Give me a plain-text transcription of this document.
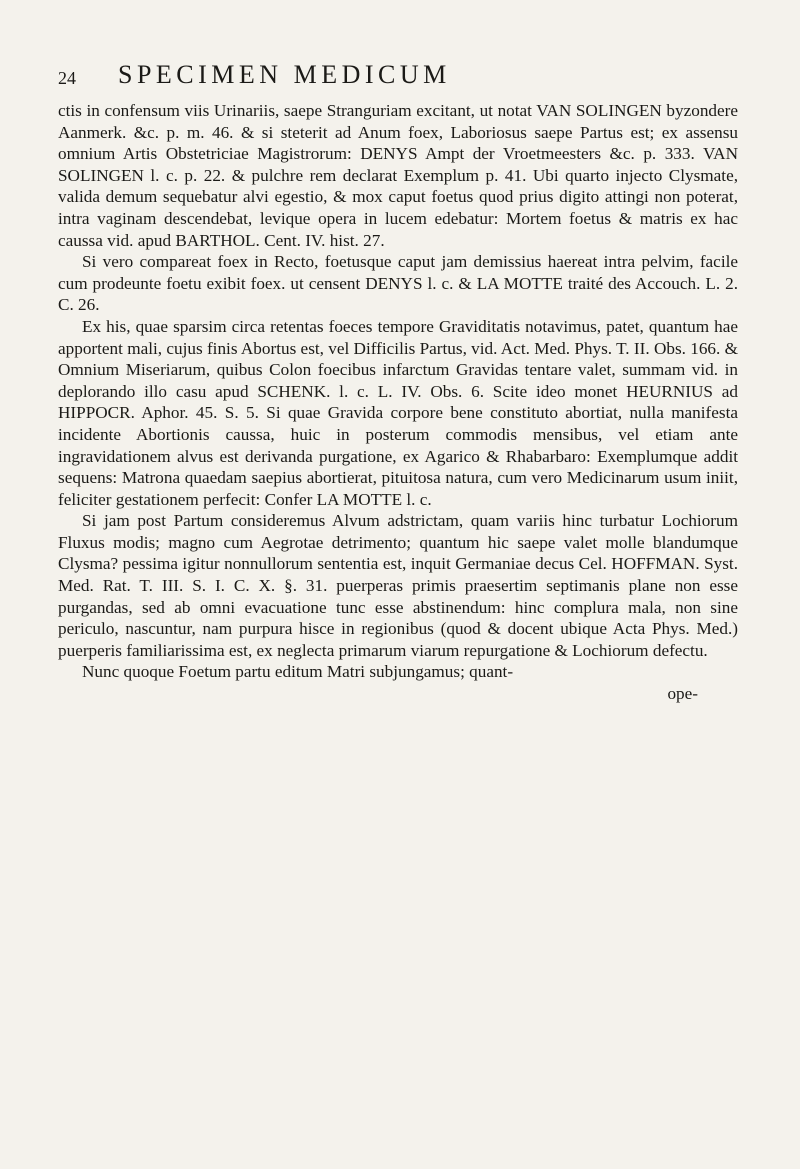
24 SPECIMEN MEDICUM

ctis in confensum viis Urinariis, saepe Stranguriam excitant, ut notat VAN SOLINGEN byzondere Aanmerk. &c. p. m. 46. & si steterit ad Anum foex, Laboriosus saepe Partus est; ex assensu omnium Artis Obstetriciae Magistrorum: DENYS Ampt der Vroetmeesters &c. p. 333. VAN SOLINGEN l. c. p. 22. & pulchre rem declarat Exemplum p. 41. Ubi quarto injecto Clysmate, valida demum sequebatur alvi egestio, & mox caput foetus quod prius digito attingi non poterat, intra vaginam descendebat, levique opera in lucem edebatur: Mortem foetus & matris ex hac caussa vid. apud BARTHOL. Cent. IV. hist. 27.

Si vero compareat foex in Recto, foetusque caput jam demissius haereat intra pelvim, facile cum prodeunte foetu exibit foex. ut censent DENYS l. c. & LA MOTTE traité des Accouch. L. 2. C. 26.

Ex his, quae sparsim circa retentas foeces tempore Graviditatis notavimus, patet, quantum hae apportent mali, cujus finis Abortus est, vel Difficilis Partus, vid. Act. Med. Phys. T. II. Obs. 166. & Omnium Miseriarum, quibus Colon foecibus infarctum Gravidas tentare valet, summam vid. in deplorando illo casu apud SCHENK. l. c. L. IV. Obs. 6. Scite ideo monet HEURNIUS ad HIPPOCR. Aphor. 45. S. 5. Si quae Gravida corpore bene constituto abortiat, nulla manifesta incidente Abortionis caussa, huic in posterum commodis mensibus, vel etiam ante ingravidationem alvus est derivanda purgatione, ex Agarico & Rhabarbaro: Exemplumque addit sequens: Matrona quaedam saepius abortierat, pituitosa natura, cum vero Medicinarum usum iniit, feliciter gestationem perfecit: Confer LA MOTTE l. c.

Si jam post Partum consideremus Alvum adstrictam, quam variis hinc turbatur Lochiorum Fluxus modis; magno cum Aegrotae detrimento; quantum hic saepe valet molle blandumque Clysma? pessima igitur nonnullorum sententia est, inquit Germaniae decus Cel. HOFFMAN. Syst. Med. Rat. T. III. S. I. C. X. §. 31. puerperas primis praesertim septimanis plane non esse purgandas, sed ab omni evacuatione tunc esse abstinendum: hinc complura mala, non sine periculo, nascuntur, nam purpura hisce in regionibus (quod & docent ubique Acta Phys. Med.) puerperis familiarissima est, ex neglecta primarum viarum repurgatione & Lochiorum defectu.

Nunc quoque Foetum partu editum Matri subjungamus; quant-

ope-
